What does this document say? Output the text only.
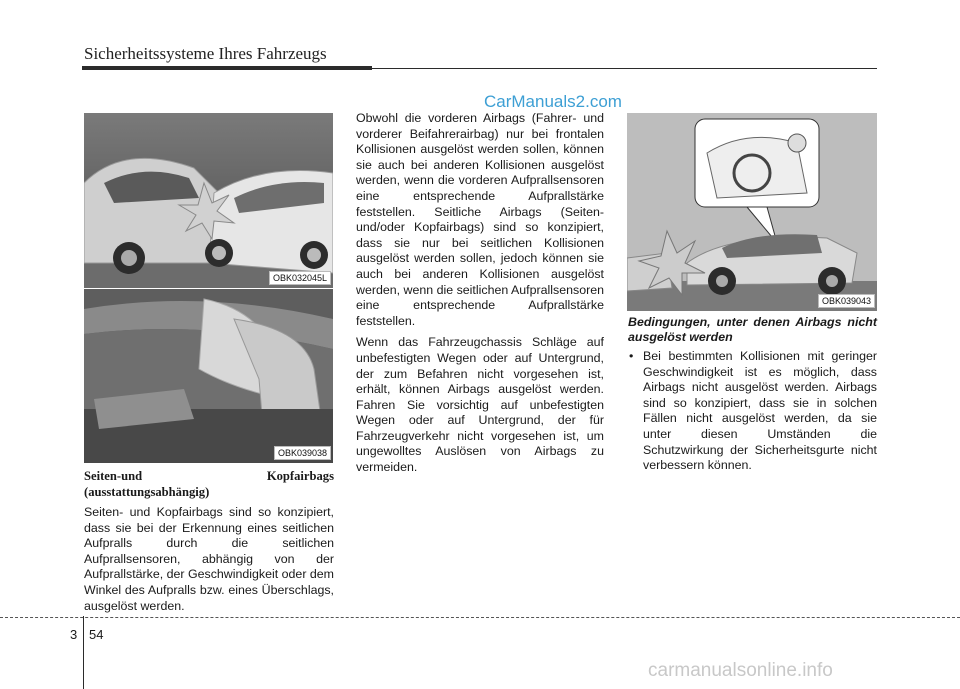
Sicherheitssysteme Ihres Fahrzeugs
CarManuals2.com
OBK032045L
OBK039038
OBK039043
Seiten-und Kopfairbags (ausstattungsabhängig)

Seiten- und Kopfairbags sind so konzipiert, dass sie bei der Erkennung eines seitlichen Aufpralls durch die seitlichen Aufprallsensoren, abhängig von der Aufprallstärke, der Geschwindigkeit oder dem Winkel des Aufpralls bzw. eines Überschlags, ausgelöst werden.

Obwohl die vorderen Airbags (Fahrer- und vorderer Beifahrerairbag) nur bei frontalen Kollisionen ausgelöst werden sollen, können sie auch bei anderen Kollisionen ausgelöst werden, wenn die vorderen Aufprallsensoren eine entsprechende Aufprallstärke feststellen. Seitliche Airbags (Seiten- und/oder Kopfairbags) sind so konzipiert, dass sie nur bei seitlichen Kollisionen ausgelöst werden sollen, jedoch können sie auch bei anderen Kollisionen ausgelöst werden, wenn die seitlichen Aufprallsensoren eine entsprechende Aufprallstärke feststellen.

Wenn das Fahrzeugchassis Schläge auf unbefestigten Wegen oder auf Untergrund, der zum Befahren nicht vorgesehen ist, erhält, können Airbags ausgelöst werden. Fahren Sie vorsichtig auf unbefestigten Wegen oder auf Untergrund, der für Fahrzeugverkehr nicht vorgesehen ist, um ungewolltes Auslösen von Airbags zu vermeiden.

Bedingungen, unter denen Airbags nicht ausgelöst werden
• Bei bestimmten Kollisionen mit geringer Geschwindigkeit ist es möglich, dass Airbags nicht ausgelöst werden. Airbags sind so konzipiert, dass sie in solchen Fällen nicht ausgelöst werden, da sie unter diesen Umständen die Schutzwirkung der Sicherheitsgurte nicht verbessern können.
3 54
carmanualsonline.info
